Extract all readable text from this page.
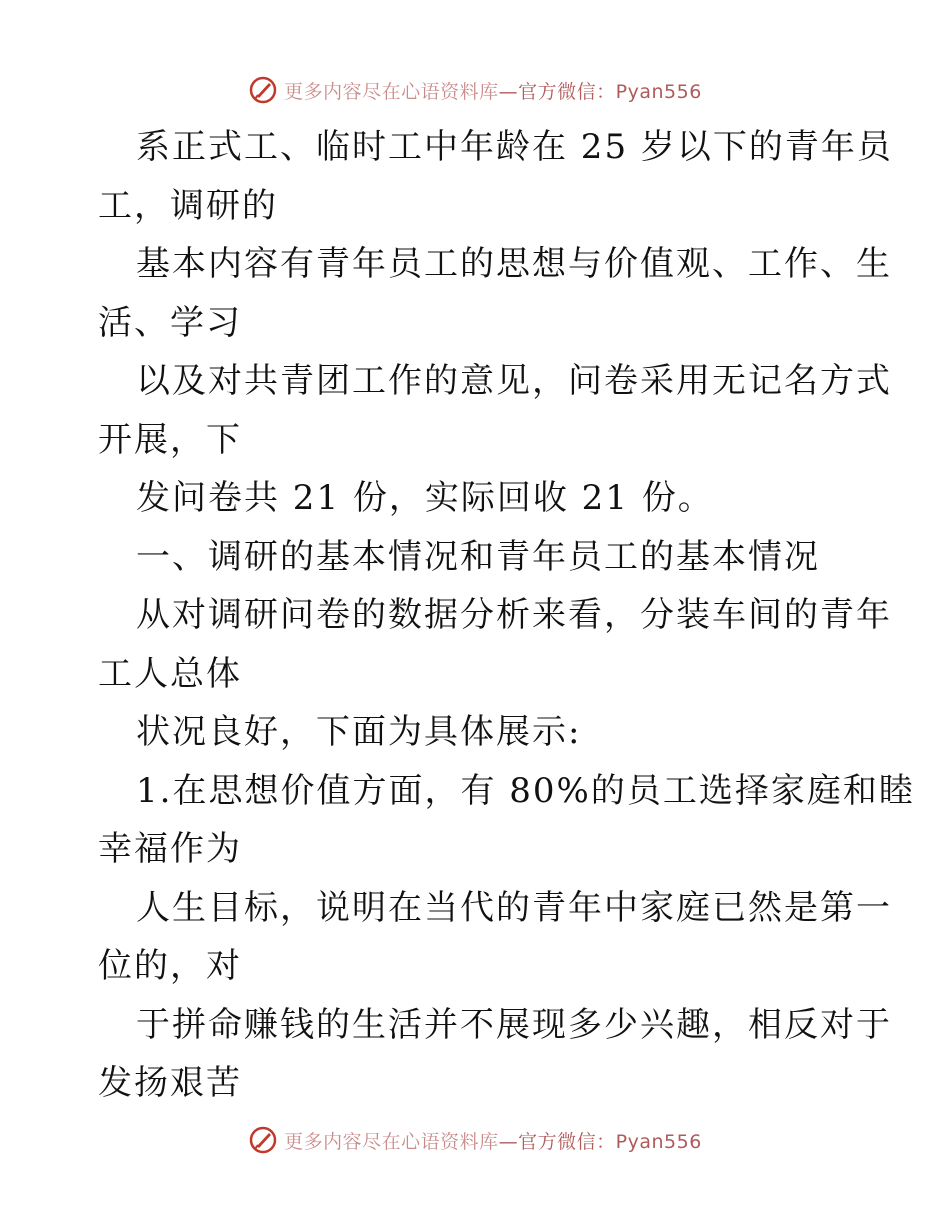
更多内容尽在心语资料库—官方微信：Pyan556
系正式工、临时工中年龄在 25 岁以下的青年员
工，调研的
基本内容有青年员工的思想与价值观、工作、生
活、学习
以及对共青团工作的意见，问卷采用无记名方式
开展，下
发问卷共 21 份，实际回收 21 份。
一、调研的基本情况和青年员工的基本情况
从对调研问卷的数据分析来看，分装车间的青年
工人总体
状况良好，下面为具体展示:
1.在思想价值方面，有 80%的员工选择家庭和睦
幸福作为
人生目标，说明在当代的青年中家庭已然是第一
位的，对
于拼命赚钱的生活并不展现多少兴趣，相反对于
发扬艰苦
更多内容尽在心语资料库—官方微信：Pyan556
